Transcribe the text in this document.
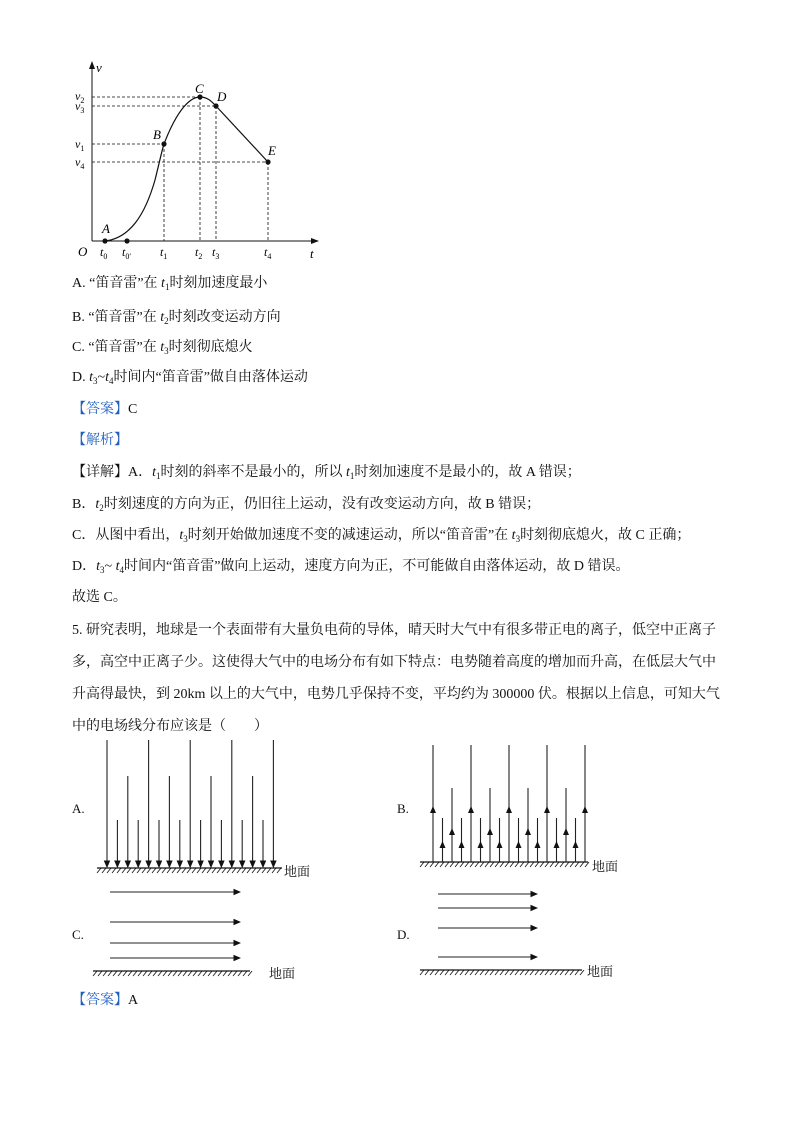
A
B
C
D
E
v
t
O
$v_2$
$v_3$
$v_1$
$v_4$
$t_0$ $t_{0'}$ $t_1$ $t_2$ $t_3$	$t_4$
A. “笛音雷”在 $t_1$时刻加速度最小
B. “笛音雷”在 $t_2$时刻改变运动方向
C. “笛音雷”在 $t_3$时刻彻底熄火
D. $t_3\sim t_4$时间内“笛音雷”做自由落体运动
【答案】C
【解析】
【详解】A．$t_1$时刻的斜率不是最小的，所以 $t_1$时刻加速度不是最小的，故 A 错误；
B．$t_2$时刻速度的方向为正，仍旧往上运动，没有改变运动方向，故 B 错误；
C．从图中看出，$t_3$时刻开始做加速度不变的减速运动，所以“笛音雷”在 $t_3$时刻彻底熄火，故 C 正确；
D．$t_3\sim$ $t_4$时间内“笛音雷”做向上运动，速度方向为正，不可能做自由落体运动，故 D 错误。
故选 C。
5. 研究表明，地球是一个表面带有大量负电荷的导体，晴天时大气中有很多带正电的离子，低空中正离子
多，高空中正离子少。这使得大气中的电场分布有如下特点：电势随着高度的增加而升高，在低层大气中
升高得最快，到 20km 以上的大气中，电势几乎保持不变，平均约为 300000 伏。根据以上信息，可知大气
中的电场线分布应该是（　　）
【答案】A
A.	B.
C.	D.
地面	地面
地面	地面
